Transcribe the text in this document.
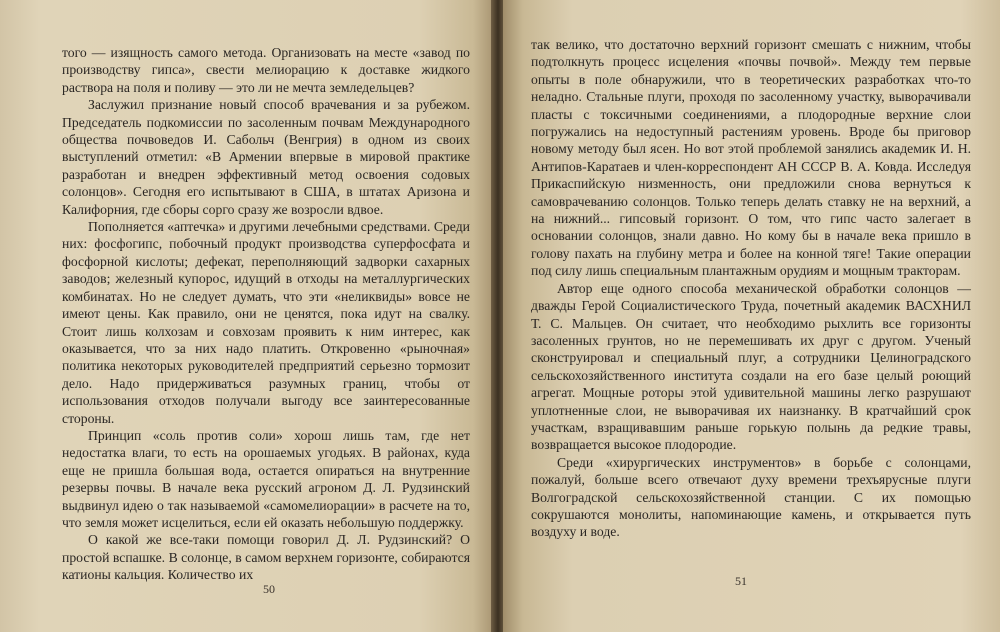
того — изящность самого метода. Организовать на месте «завод по производству гипса», свести мелиорацию к доставке жидкого раствора на поля и поливу — это ли не мечта земледельцев?

Заслужил признание новый способ врачевания и за рубежом. Председатель подкомиссии по засоленным почвам Международного общества почвоведов И. Сабольч (Венгрия) в одном из своих выступлений отметил: «В Армении впервые в мировой практике разработан и внедрен эффективный метод освоения содовых солонцов». Сегодня его испытывают в США, в штатах Аризона и Калифорния, где сборы сорго сразу же возросли вдвое.

Пополняется «аптечка» и другими лечебными средствами. Среди них: фосфогипс, побочный продукт производства суперфосфата и фосфорной кислоты; дефекат, переполняющий задворки сахарных заводов; железный купорос, идущий в отходы на металлургических комбинатах. Но не следует думать, что эти «неликвиды» вовсе не имеют цены. Как правило, они не ценятся, пока идут на свалку. Стоит лишь колхозам и совхозам проявить к ним интерес, как оказывается, что за них надо платить. Откровенно «рыночная» политика некоторых руководителей предприятий серьезно тормозит дело. Надо придерживаться разумных границ, чтобы от использования отходов получали выгоду все заинтересованные стороны.

Принцип «соль против соли» хорош лишь там, где нет недостатка влаги, то есть на орошаемых угодьях. В районах, куда еще не пришла большая вода, остается опираться на внутренние резервы почвы. В начале века русский агроном Д. Л. Рудзинский выдвинул идею о так называемой «самомелиорации» в расчете на то, что земля может исцелиться, если ей оказать небольшую поддержку.

О какой же все-таки помощи говорил Д. Л. Рудзинский? О простой вспашке. В солонце, в самом верхнем горизонте, собираются катионы кальция. Количество их

50

так велико, что достаточно верхний горизонт смешать с нижним, чтобы подтолкнуть процесс исцеления «почвы почвой». Между тем первые опыты в поле обнаружили, что в теоретических разработках что-то неладно. Стальные плуги, проходя по засоленному участку, выворачивали пласты с токсичными соединениями, а плодородные верхние слои погружались на недоступный растениям уровень. Вроде бы приговор новому методу был ясен. Но вот этой проблемой занялись академик И. Н. Антипов-Каратаев и член-корреспондент АН СССР В. А. Ковда. Исследуя Прикаспийскую низменность, они предложили снова вернуться к самоврачеванию солонцов. Только теперь делать ставку не на верхний, а на нижний... гипсовый горизонт. О том, что гипс часто залегает в основании солонцов, знали давно. Но кому бы в начале века пришло в голову пахать на глубину метра и более на конной тяге! Такие операции под силу лишь специальным плантажным орудиям и мощным тракторам.

Автор еще одного способа механической обработки солонцов — дважды Герой Социалистического Труда, почетный академик ВАСХНИЛ Т. С. Мальцев. Он считает, что необходимо рыхлить все горизонты засоленных грунтов, но не перемешивать их друг с другом. Ученый сконструировал и специальный плуг, а сотрудники Целиноградского сельскохозяйственного института создали на его базе целый роющий агрегат. Мощные роторы этой удивительной машины легко разрушают уплотненные слои, не выворачивая их наизнанку. В кратчайший срок участкам, взращивавшим раньше горькую полынь да редкие травы, возвращается высокое плодородие.

Среди «хирургических инструментов» в борьбе с солонцами, пожалуй, больше всего отвечают духу времени трехъярусные плуги Волгоградской сельскохозяйственной станции. С их помощью сокрушаются монолиты, напоминающие камень, и открывается путь воздуху и воде.

51
